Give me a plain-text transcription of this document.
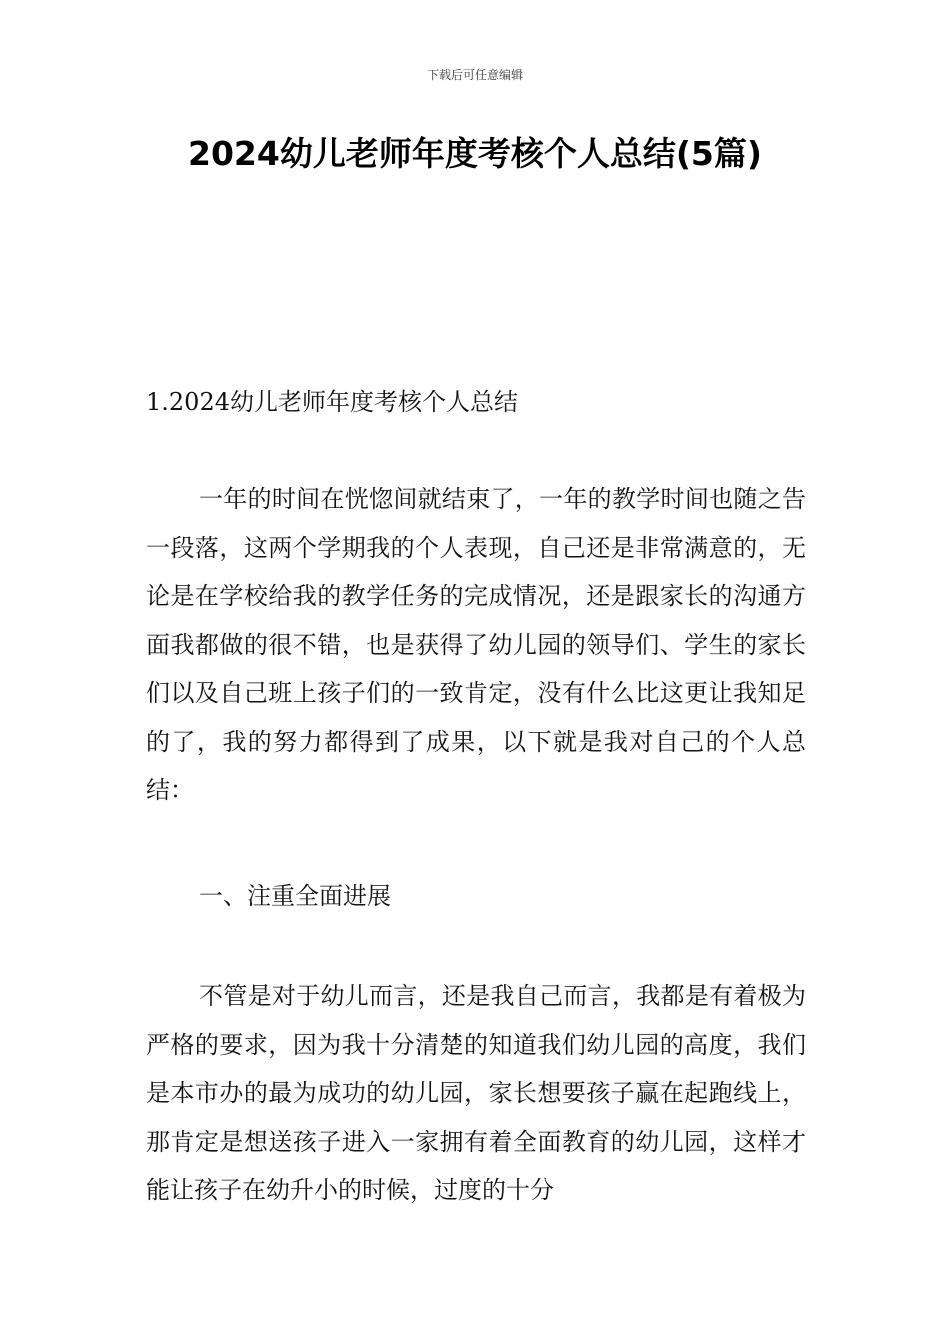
下载后可任意编辑
2024幼儿老师年度考核个人总结(5篇)
1.2024幼儿老师年度考核个人总结
一年的时间在恍惚间就结束了，一年的教学时间也随之告一段落，这两个学期我的个人表现，自己还是非常满意的，无论是在学校给我的教学任务的完成情况，还是跟家长的沟通方面我都做的很不错，也是获得了幼儿园的领导们、学生的家长们以及自己班上孩子们的一致肯定，没有什么比这更让我知足的了，我的努力都得到了成果，以下就是我对自己的个人总结：
一、注重全面进展
不管是对于幼儿而言，还是我自己而言，我都是有着极为严格的要求，因为我十分清楚的知道我们幼儿园的高度，我们是本市办的最为成功的幼儿园，家长想要孩子赢在起跑线上，那肯定是想送孩子进入一家拥有着全面教育的幼儿园，这样才能让孩子在幼升小的时候，过度的十分
